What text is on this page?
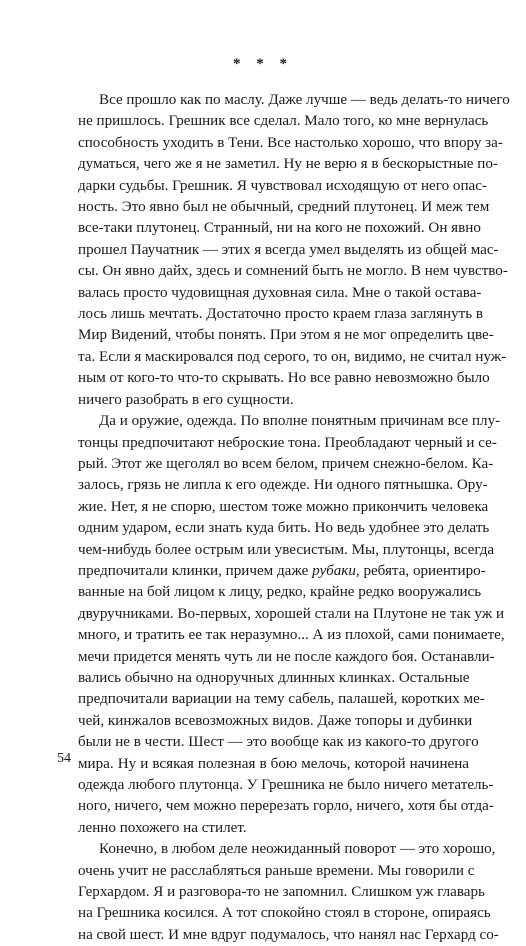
* * *
Все прошло как по маслу. Даже лучше — ведь делать-то ничего
не пришлось. Грешник все сделал. Мало того, ко мне вернулась
способность уходить в Тени. Все настолько хорошо, что впору за-
думаться, чего же я не заметил. Ну не верю я в бескорыстные по-
дарки судьбы. Грешник. Я чувствовал исходящую от него опас-
ность. Это явно был не обычный, средний плутонец. И меж тем
все-таки плутонец. Странный, ни на кого не похожий. Он явно
прошел Паучатник — этих я всегда умел выделять из общей мас-
сы. Он явно дайх, здесь и сомнений быть не могло. В нем чувство-
валась просто чудовищная духовная сила. Мне о такой остава-
лось лишь мечтать. Достаточно просто краем глаза заглянуть в
Мир Видений, чтобы понять. При этом я не мог определить цве-
та. Если я маскировался под серого, то он, видимо, не считал нуж-
ным от кого-то что-то скрывать. Но все равно невозможно было
ничего разобрать в его сущности.
Да и оружие, одежда. По вполне понятным причинам все плу-
тонцы предпочитают неброские тона. Преобладают черный и се-
рый. Этот же щеголял во всем белом, причем снежно-белом. Ка-
залось, грязь не липла к его одежде. Ни одного пятнышка. Ору-
жие. Нет, я не спорю, шестом тоже можно прикончить человека
одним ударом, если знать куда бить. Но ведь удобнее это делать
чем-нибудь более острым или увесистым. Мы, плутонцы, всегда
предпочитали клинки, причем даже рубаки, ребята, ориентиро-
ванные на бой лицом к лицу, редко, крайне редко вооружались
двуручниками. Во-первых, хорошей стали на Плутоне не так уж и
много, и тратить ее так неразумно... А из плохой, сами понимаете,
мечи придется менять чуть ли не после каждого боя. Останавли-
вались обычно на одноручных длинных клинках. Остальные
предпочитали вариации на тему сабель, палашей, коротких ме-
чей, кинжалов всевозможных видов. Даже топоры и дубинки
были не в чести. Шест — это вообще как из какого-то другого
мира. Ну и всякая полезная в бою мелочь, которой начинена
одежда любого плутонца. У Грешника не было ничего метатель-
ного, ничего, чем можно перерезать горло, ничего, хотя бы отда-
ленно похожего на стилет.
Конечно, в любом деле неожиданный поворот — это хорошо,
очень учит не расслабляться раньше времени. Мы говорили с
Герхардом. Я и разговора-то не запомнил. Слишком уж главарь
на Грешника косился. А тот спокойно стоял в стороне, опираясь
на свой шест. И мне вдруг подумалось, что нанял нас Герхард со-
54
